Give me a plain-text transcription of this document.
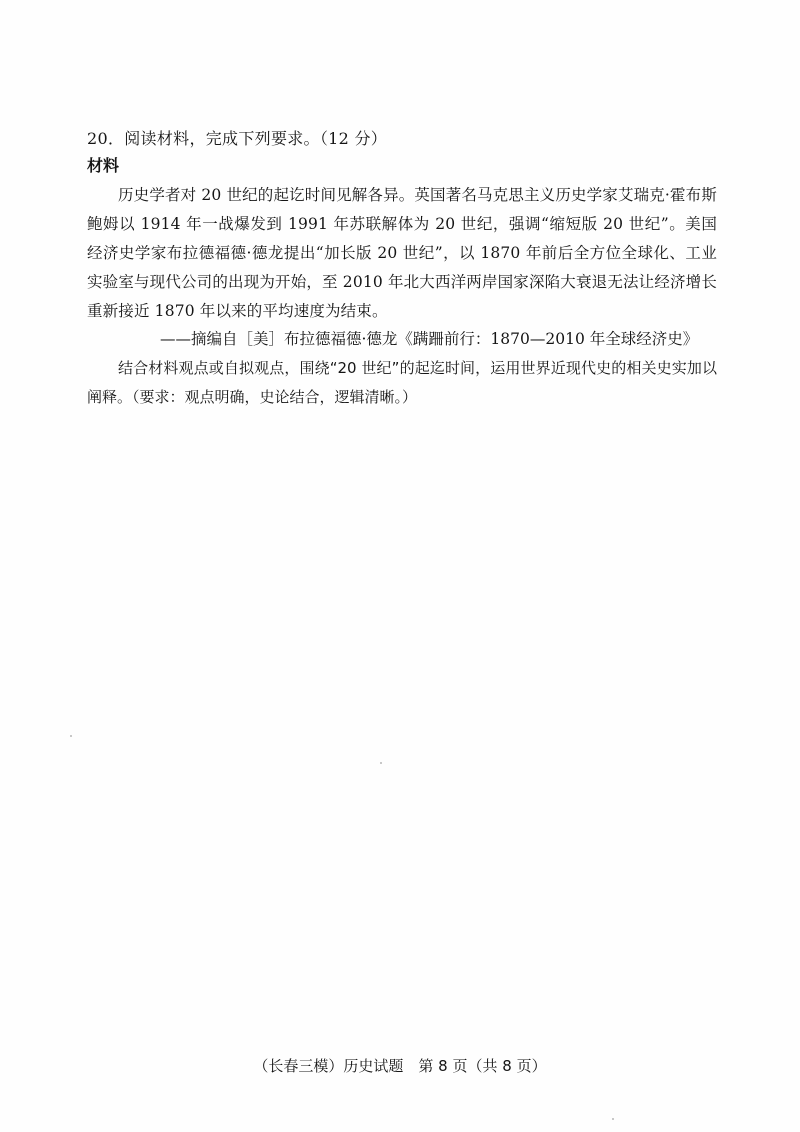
20．阅读材料，完成下列要求。（12 分）
材料
历史学者对 20 世纪的起讫时间见解各异。英国著名马克思主义历史学家艾瑞克·霍布斯鲍姆以 1914 年一战爆发到 1991 年苏联解体为 20 世纪，强调“缩短版 20 世纪”。美国经济史学家布拉德福德·德龙提出“加长版 20 世纪”，以 1870 年前后全方位全球化、工业实验室与现代公司的出现为开始，至 2010 年北大西洋两岸国家深陷大衰退无法让经济增长重新接近 1870 年以来的平均速度为结束。
——摘编自［美］布拉德福德·德龙《蹒跚前行：1870—2010 年全球经济史》
结合材料观点或自拟观点，围绕“20 世纪”的起迄时间，运用世界近现代史的相关史实加以阐释。（要求：观点明确，史论结合，逻辑清晰。）
（长春三模）历史试题　第 8 页（共 8 页）
